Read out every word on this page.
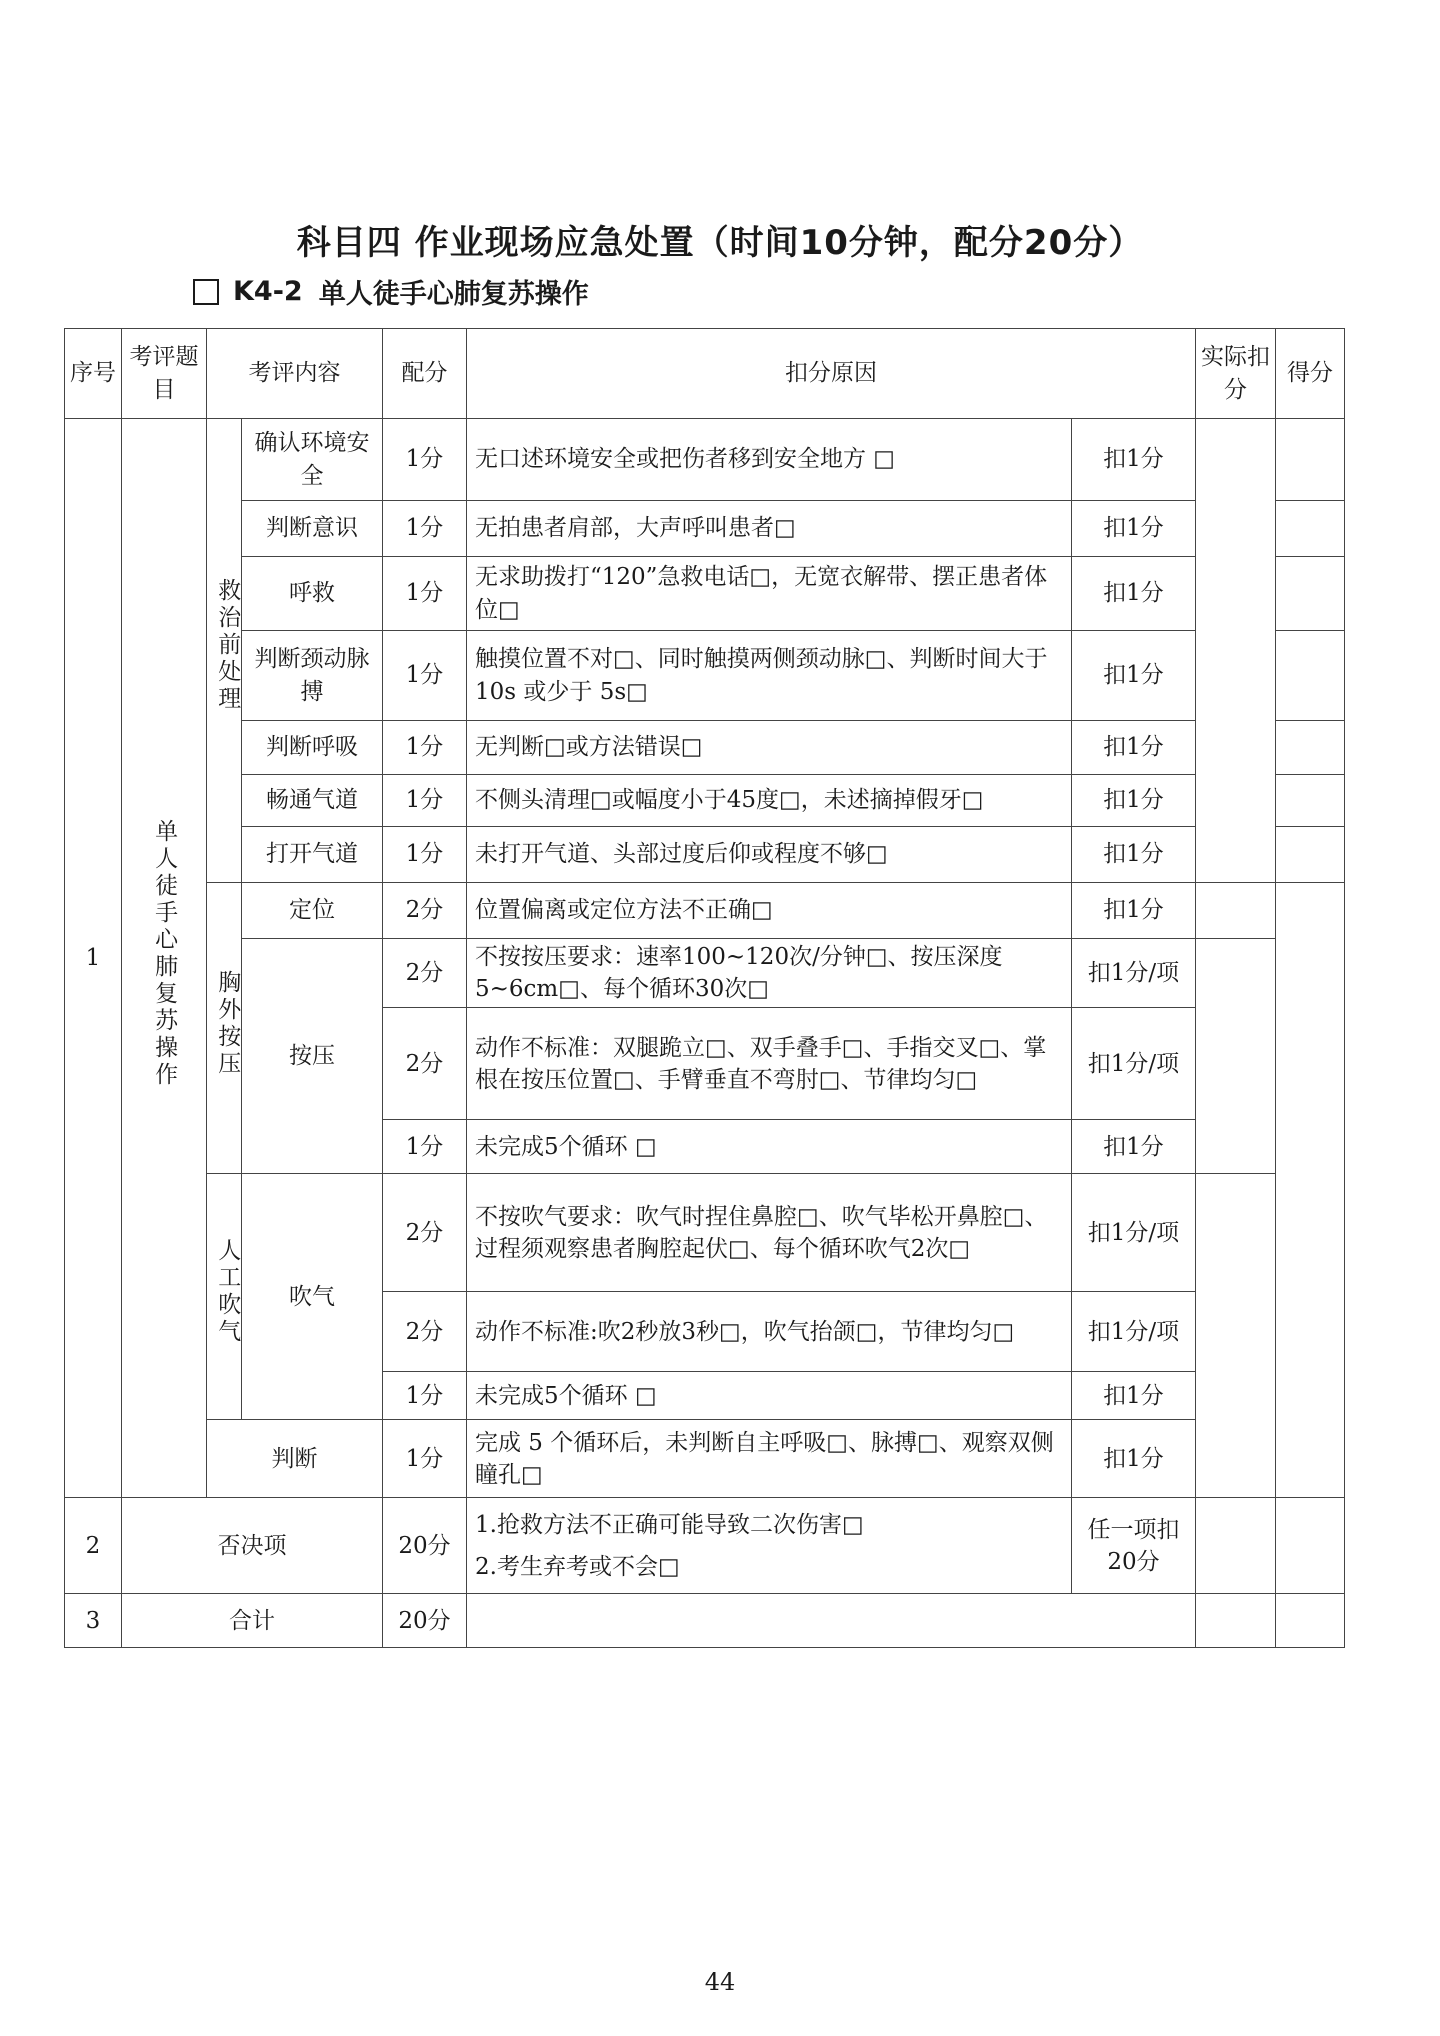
科目四 作业现场应急处置（时间10分钟，配分20分）
K4-2 单人徒手心肺复苏操作
序号	考评题目	考评内容		配分	扣分原因		实际扣分	得分
1	单人徒手心肺复苏操作	救治前处理	确认环境安全	1分	无口述环境安全或把伤者移到安全地方 □	扣1分		
			判断意识	1分	无拍患者肩部，大声呼叫患者□	扣1分		
			呼救	1分	无求助拨打“120”急救电话□，无宽衣解带、摆正患者体位□	扣1分		
			判断颈动脉搏	1分	触摸位置不对□、同时触摸两侧颈动脉□、判断时间大于 10s 或少于 5s□	扣1分		
			判断呼吸	1分	无判断□或方法错误□	扣1分		
			畅通气道	1分	不侧头清理□或幅度小于45度□，未述摘掉假牙□	扣1分		
			打开气道	1分	未打开气道、头部过度后仰或程度不够□	扣1分		
		胸外按压	定位	2分	位置偏离或定位方法不正确□	扣1分		
			按压	2分	不按按压要求：速率100~120次/分钟□、按压深度5~6cm□、每个循环30次□	扣1分/项		
				2分	动作不标准：双腿跪立□、双手叠手□、手指交叉□、掌根在按压位置□、手臂垂直不弯肘□、节律均匀□	扣1分/项		
				1分	未完成5个循环 □	扣1分		
		人工吹气	吹气	2分	不按吹气要求：吹气时捏住鼻腔□、吹气毕松开鼻腔□、过程须观察患者胸腔起伏□、每个循环吹气2次□	扣1分/项		
				2分	动作不标准:吹2秒放3秒□，吹气抬颌□，节律均匀□	扣1分/项		
				1分	未完成5个循环 □	扣1分		
		判断		1分	完成 5 个循环后，未判断自主呼吸□、脉搏□、观察双侧瞳孔□	扣1分		
2	否决项			20分	1.抢救方法不正确可能导致二次伤害□
2.考生弃考或不会□	任一项扣20分		
3	合计			20分				
44
